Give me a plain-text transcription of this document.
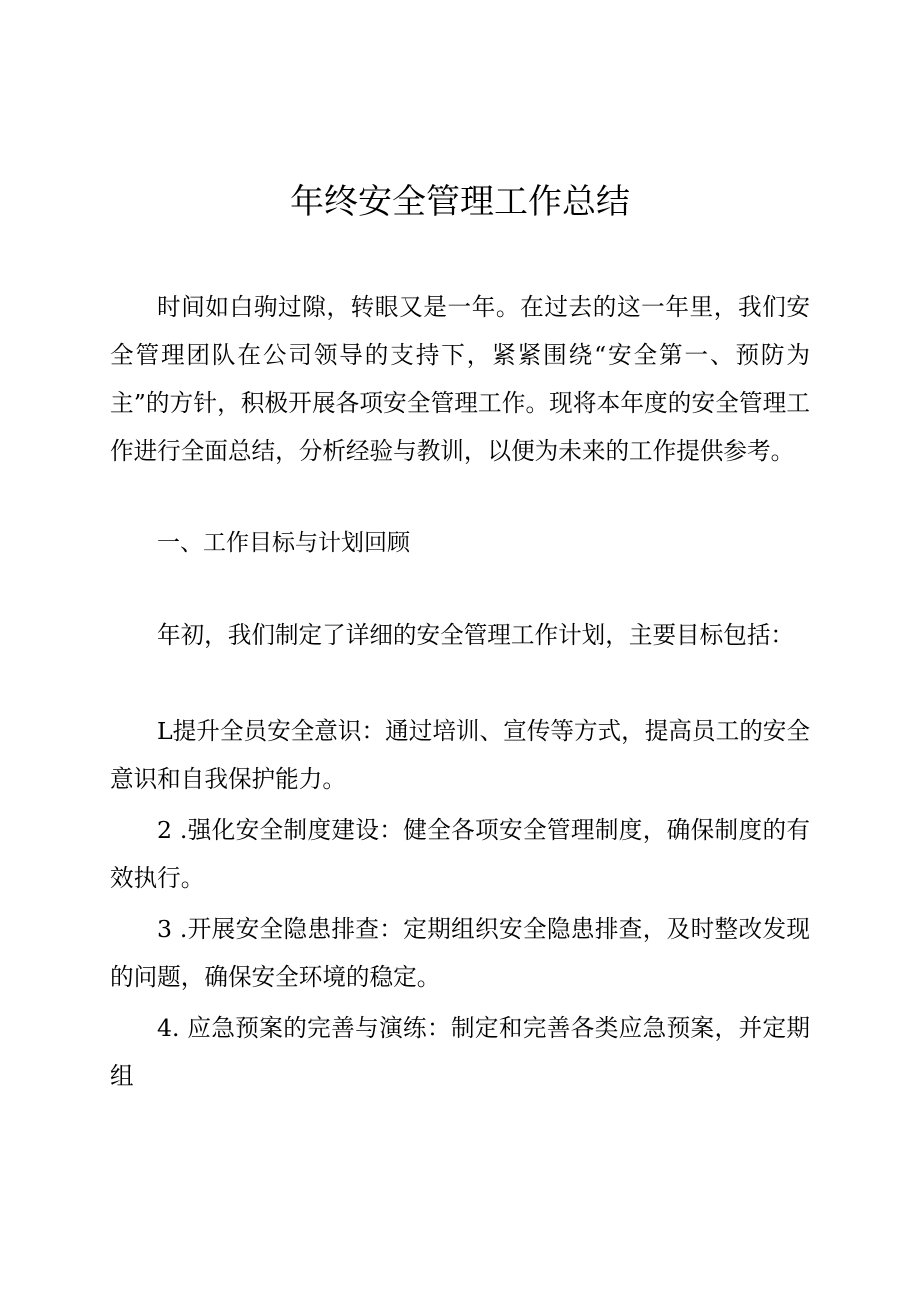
年终安全管理工作总结

时间如白驹过隙，转眼又是一年。在过去的这一年里，我们安全管理团队在公司领导的支持下，紧紧围绕“安全第一、预防为主”的方针，积极开展各项安全管理工作。现将本年度的安全管理工作进行全面总结，分析经验与教训，以便为未来的工作提供参考。

一、工作目标与计划回顾

年初，我们制定了详细的安全管理工作计划，主要目标包括：

L提升全员安全意识：通过培训、宣传等方式，提高员工的安全意识和自我保护能力。

2 .强化安全制度建设：健全各项安全管理制度，确保制度的有效执行。

3 .开展安全隐患排查：定期组织安全隐患排查，及时整改发现的问题，确保安全环境的稳定。

4. 应急预案的完善与演练：制定和完善各类应急预案，并定期组
